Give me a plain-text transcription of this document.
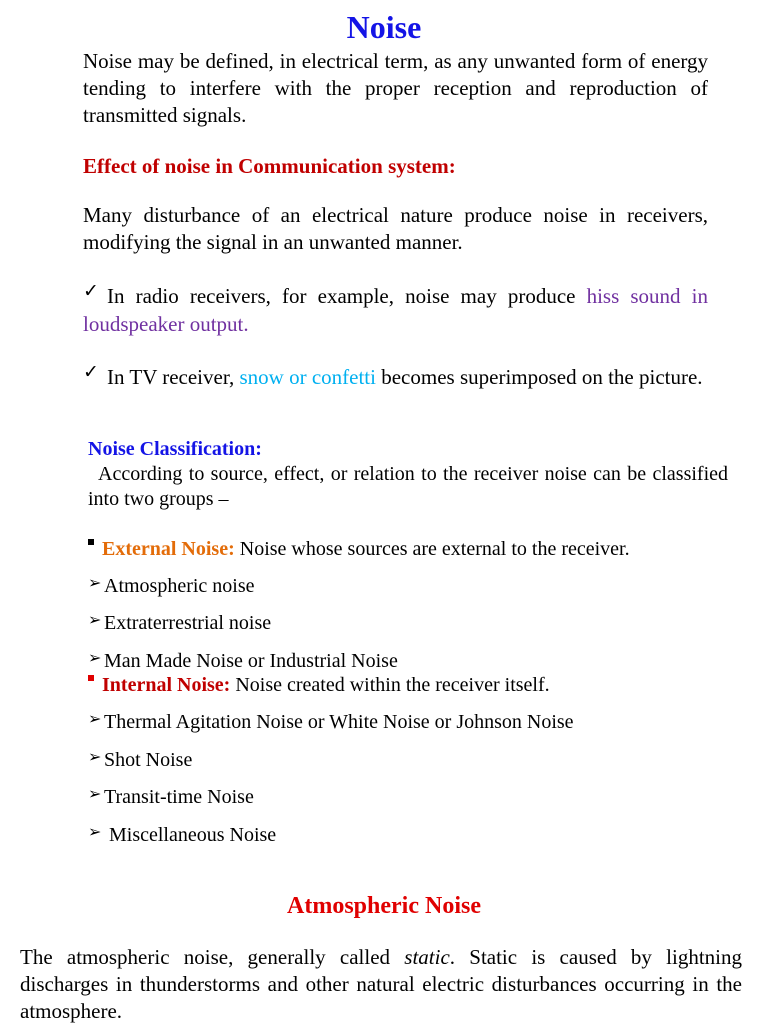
Noise
Noise may be defined, in electrical term, as any unwanted form of energy tending to interfere with the proper reception and reproduction of transmitted signals.
Effect of noise in Communication system:
Many disturbance of an electrical nature produce noise in receivers, modifying the signal in an unwanted manner.
✓ In radio receivers, for example, noise may produce hiss sound in loudspeaker output.
✓ In TV receiver, snow or confetti becomes superimposed on the picture.
Noise Classification:
According to source, effect, or relation to the receiver noise can be classified into two groups –
External Noise: Noise whose sources are external to the receiver.
➢ Atmospheric noise
➢ Extraterrestrial noise
➢ Man Made Noise or Industrial Noise
Internal Noise: Noise created within the receiver itself.
➢ Thermal Agitation Noise or White Noise or Johnson Noise
➢ Shot Noise
➢ Transit-time Noise
➢ Miscellaneous Noise
Atmospheric Noise
The atmospheric noise, generally called static. Static is caused by lightning discharges in thunderstorms and other natural electric disturbances occurring in the atmosphere.
